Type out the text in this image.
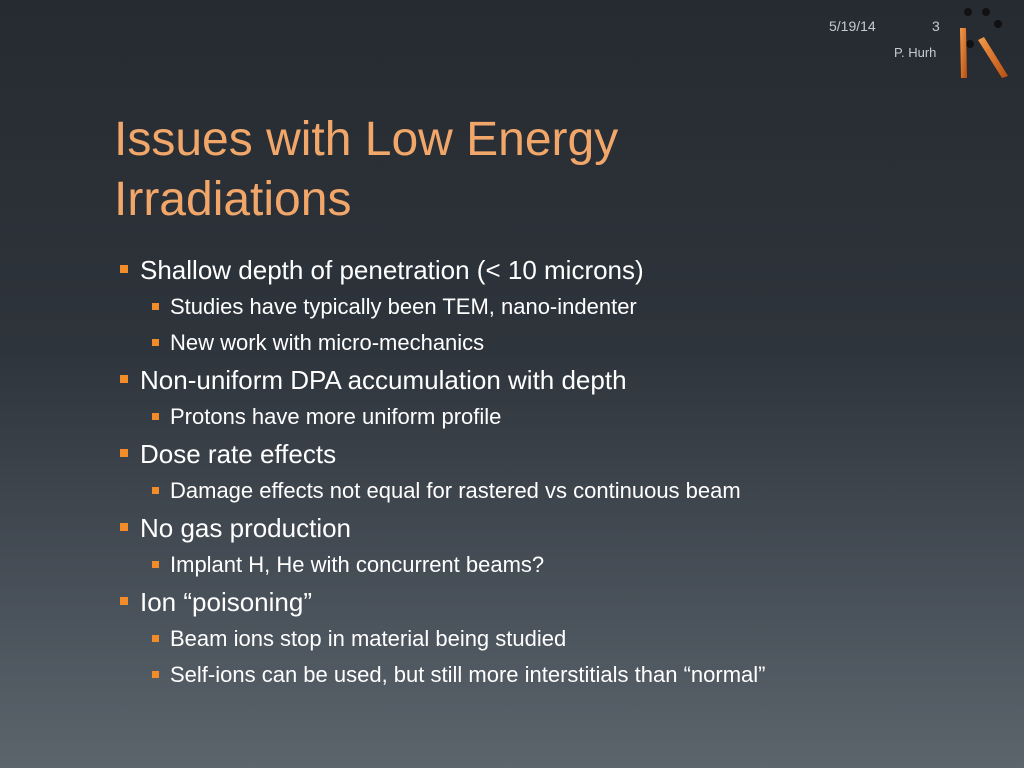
5/19/14	3
P. Hurh
Issues with Low Energy
Irradiations
Shallow depth of penetration (< 10 microns)
Studies have typically been TEM, nano-indenter
New work with micro-mechanics
Non-uniform DPA accumulation with depth
Protons have more uniform profile
Dose rate effects
Damage effects not equal for rastered vs continuous beam
No gas production
Implant H, He with concurrent beams?
Ion “poisoning”
Beam ions stop in material being studied
Self-ions can be used, but still more interstitials than “normal”
